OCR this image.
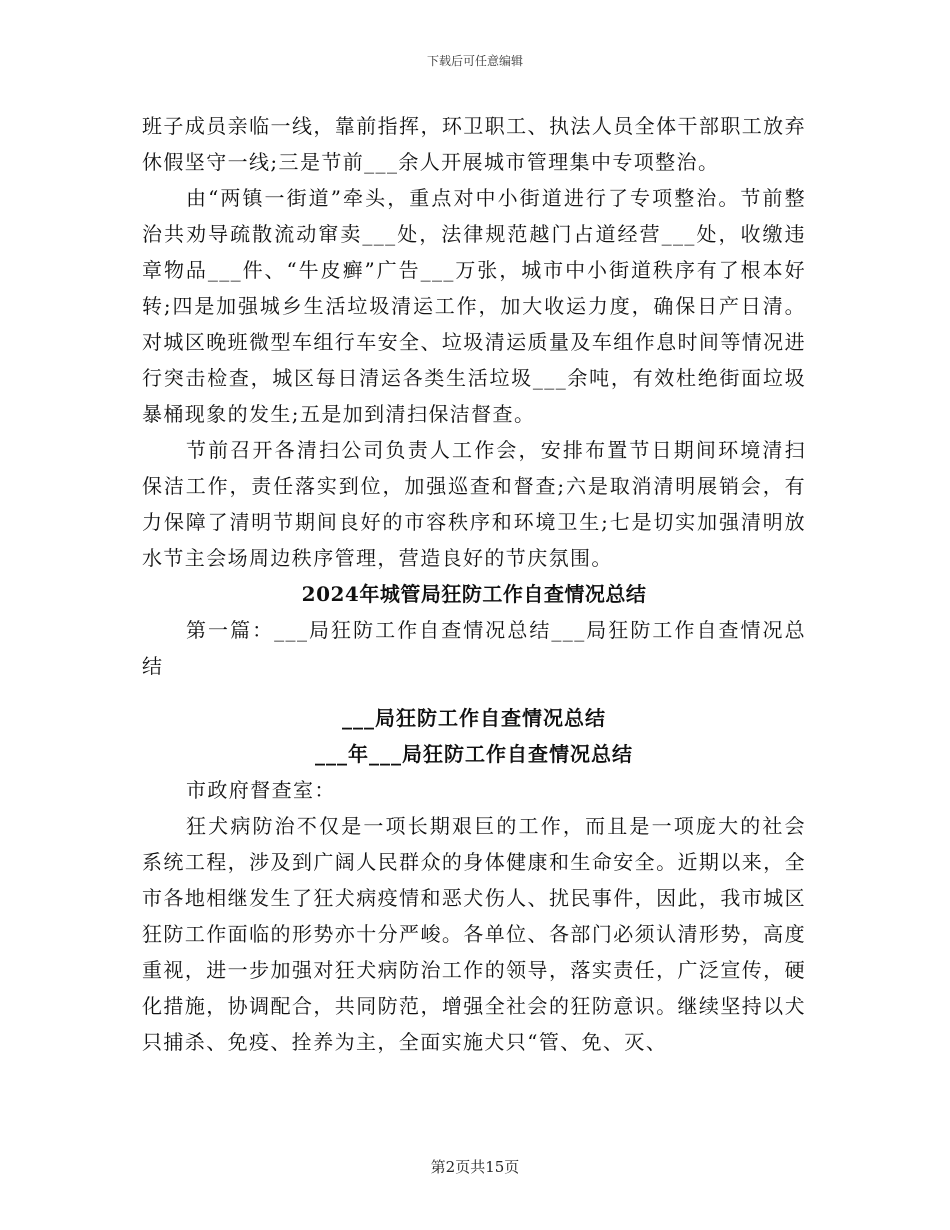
下载后可任意编辑

班子成员亲临一线，靠前指挥，环卫职工、执法人员全体干部职工放弃休假坚守一线;三是节前___余人开展城市管理集中专项整治。

由“两镇一街道”牵头，重点对中小街道进行了专项整治。节前整治共劝导疏散流动窜卖___处，法律规范越门占道经营___处，收缴违章物品___件、“牛皮癣”广告___万张，城市中小街道秩序有了根本好转;四是加强城乡生活垃圾清运工作，加大收运力度，确保日产日清。对城区晚班微型车组行车安全、垃圾清运质量及车组作息时间等情况进行突击检查，城区每日清运各类生活垃圾___余吨，有效杜绝街面垃圾暴桶现象的发生;五是加到清扫保洁督查。

节前召开各清扫公司负责人工作会，安排布置节日期间环境清扫保洁工作，责任落实到位，加强巡查和督查;六是取消清明展销会，有力保障了清明节期间良好的市容秩序和环境卫生;七是切实加强清明放水节主会场周边秩序管理，营造良好的节庆氛围。

2024年城管局狂防工作自查情况总结

第一篇：___局狂防工作自查情况总结___局狂防工作自查情况总结

___局狂防工作自查情况总结

___年___局狂防工作自查情况总结

市政府督查室：

狂犬病防治不仅是一项长期艰巨的工作，而且是一项庞大的社会系统工程，涉及到广阔人民群众的身体健康和生命安全。近期以来，全市各地相继发生了狂犬病疫情和恶犬伤人、扰民事件，因此，我市城区狂防工作面临的形势亦十分严峻。各单位、各部门必须认清形势，高度重视，进一步加强对狂犬病防治工作的领导，落实责任，广泛宣传，硬化措施，协调配合，共同防范，增强全社会的狂防意识。继续坚持以犬只捕杀、免疫、拴养为主，全面实施犬只“管、免、灭、

第2页共15页
